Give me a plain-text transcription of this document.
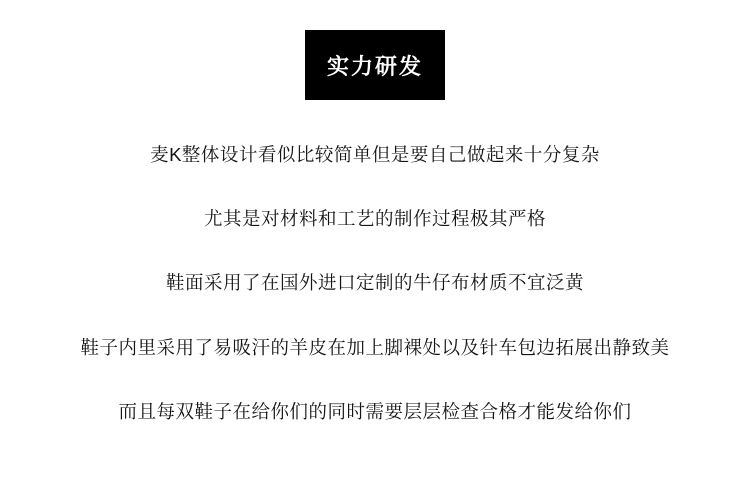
实力研发
麦K整体设计看似比较简单但是要自己做起来十分复杂
尤其是对材料和工艺的制作过程极其严格
鞋面采用了在国外进口定制的牛仔布材质不宜泛黄
鞋子内里采用了易吸汗的羊皮在加上脚裸处以及针车包边拓展出静致美
而且每双鞋子在给你们的同时需要层层检查合格才能发给你们
